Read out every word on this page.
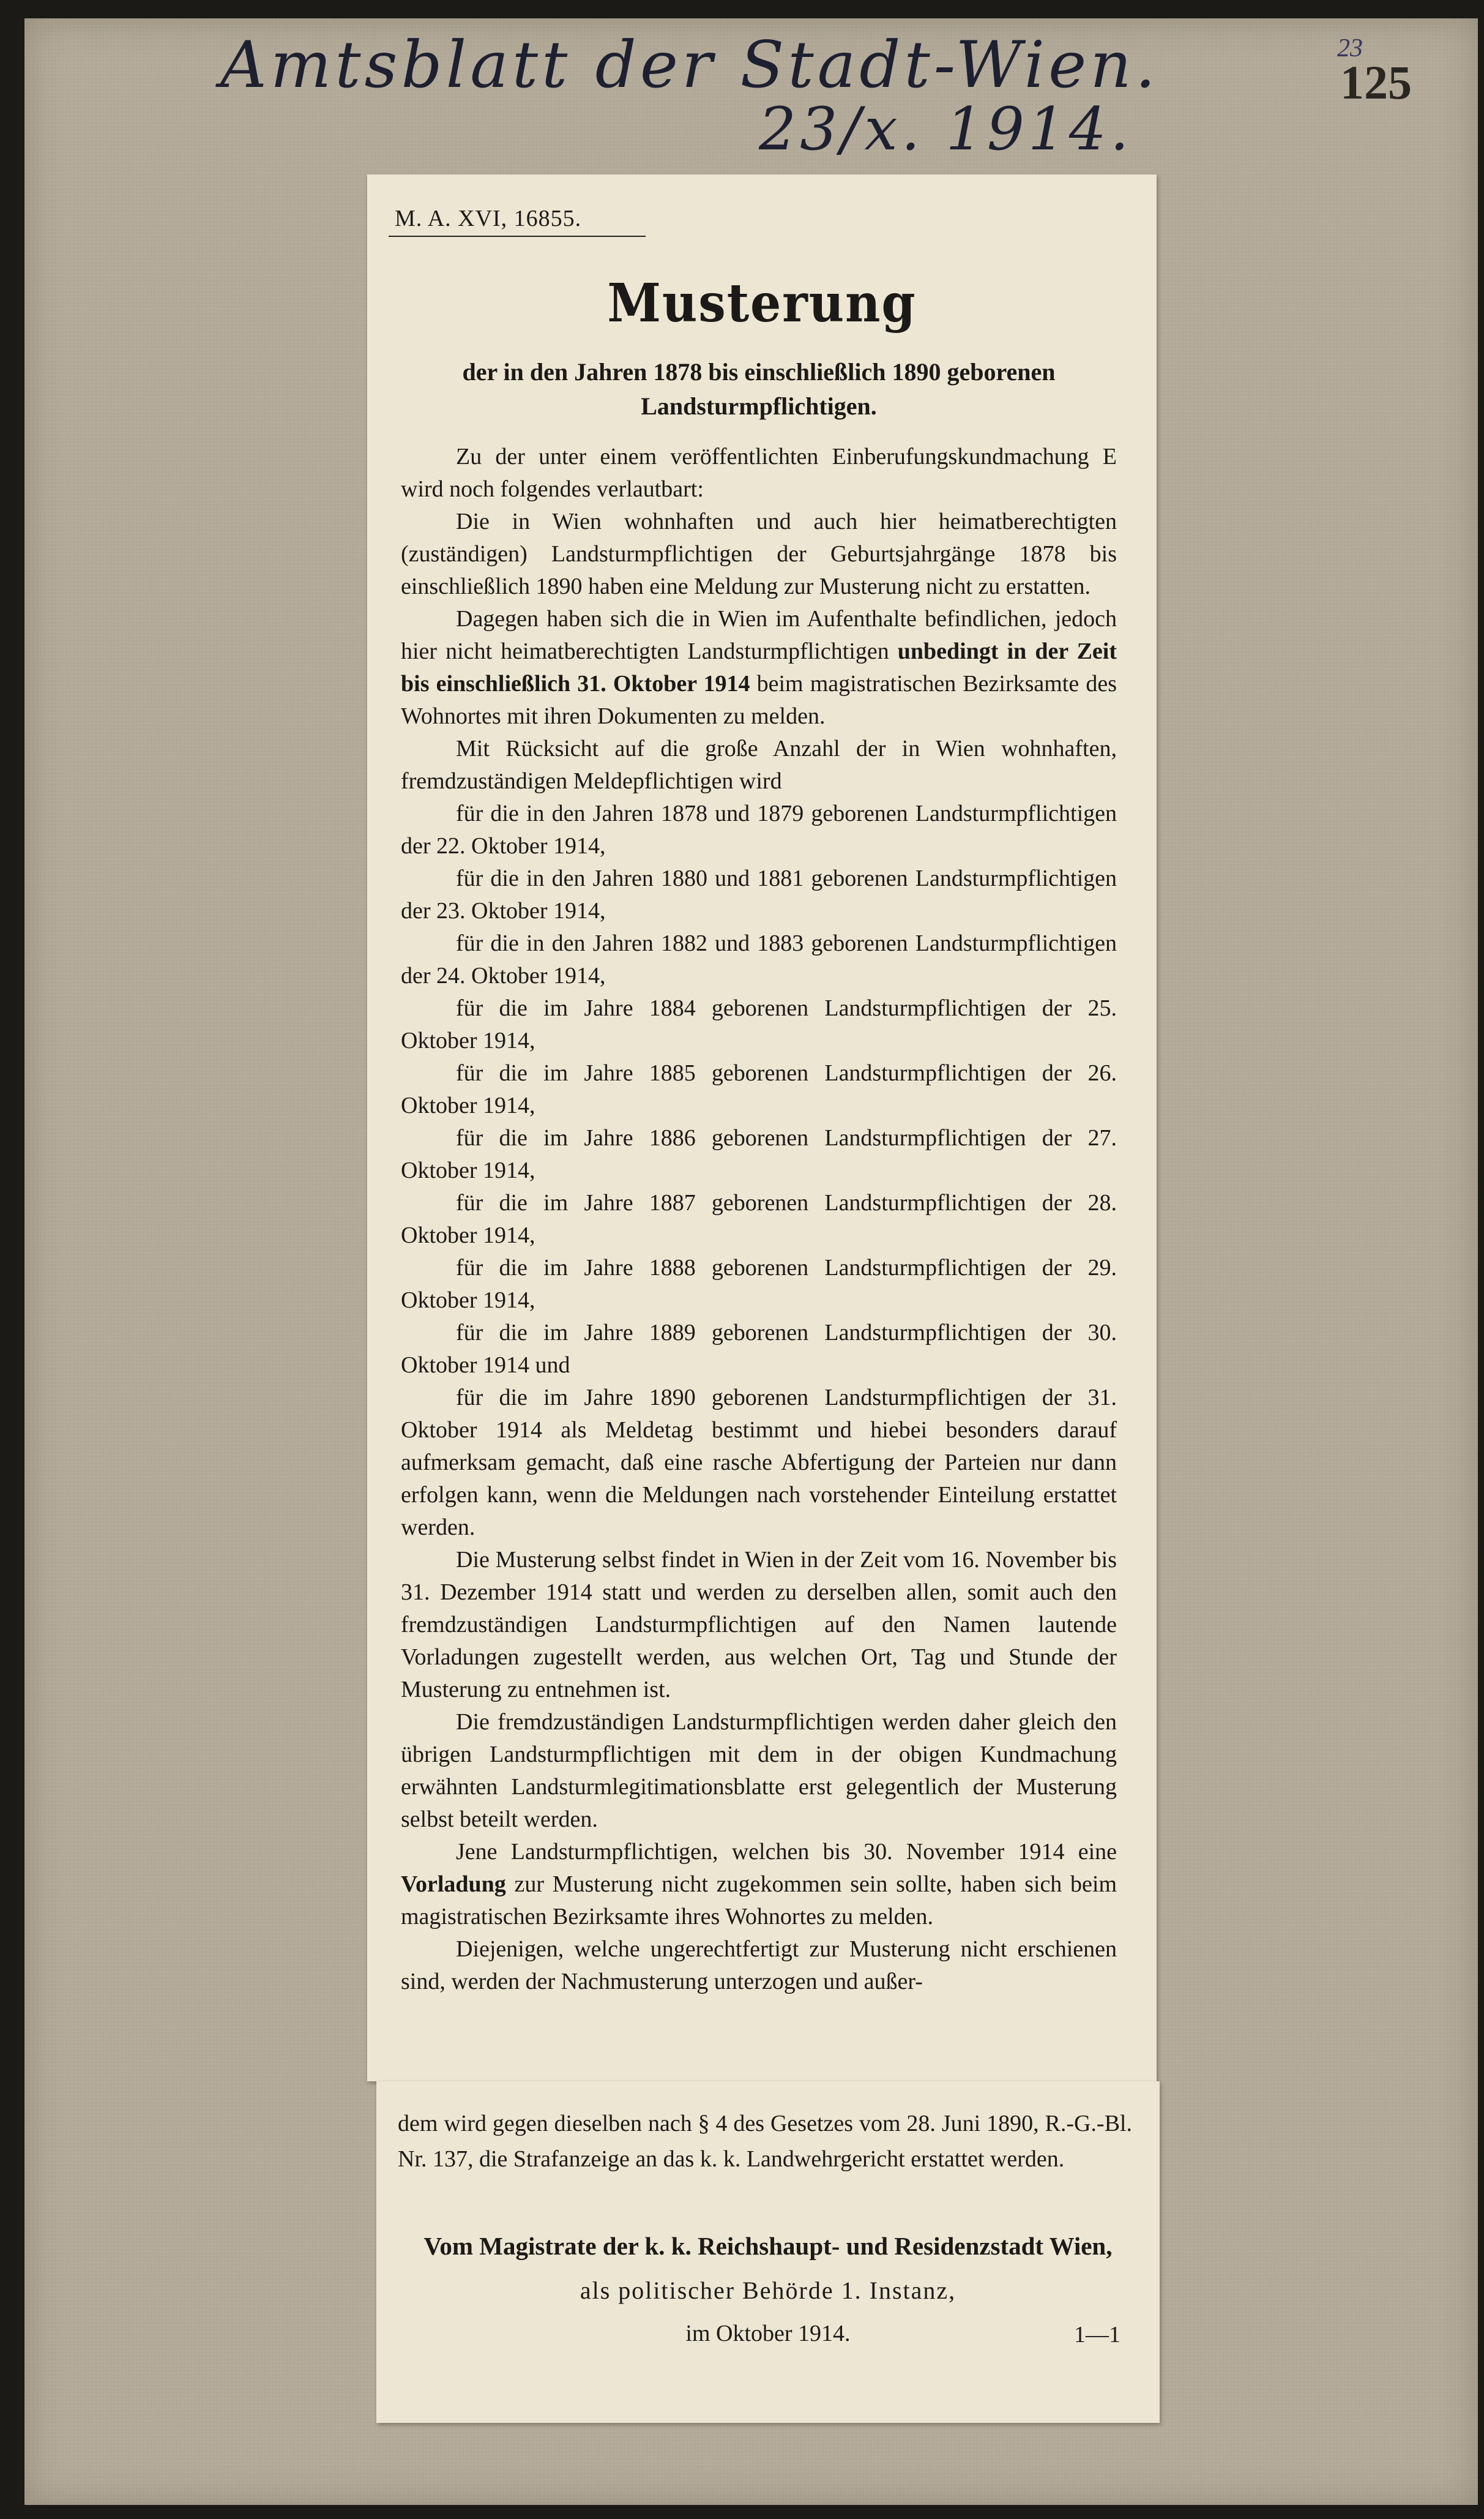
Amtsblatt der Stadt-Wien.
23/x. 1914.
23
125
M. A. XVI, 16855.
Musterung
der in den Jahren 1878 bis einschließlich 1890 geborenen Landsturmpflichtigen.

Zu der unter einem veröffentlichten Einberufungskundmachung E wird noch folgendes verlautbart:

Die in Wien wohnhaften und auch hier heimatberechtigten (zuständigen) Landsturmpflichtigen der Geburtsjahrgänge 1878 bis einschließlich 1890 haben eine Meldung zur Musterung nicht zu erstatten.

Dagegen haben sich die in Wien im Aufenthalte befindlichen, jedoch hier nicht heimatberechtigten Landsturmpflichtigen unbedingt in der Zeit bis einschließlich 31. Oktober 1914 beim magistratischen Bezirksamte des Wohnortes mit ihren Dokumenten zu melden.

Mit Rücksicht auf die große Anzahl der in Wien wohnhaften, fremdzuständigen Meldepflichtigen wird

für die in den Jahren 1878 und 1879 geborenen Landsturmpflichtigen der 22. Oktober 1914,

für die in den Jahren 1880 und 1881 geborenen Landsturmpflichtigen der 23. Oktober 1914,

für die in den Jahren 1882 und 1883 geborenen Landsturmpflichtigen der 24. Oktober 1914,

für die im Jahre 1884 geborenen Landsturmpflichtigen der 25. Oktober 1914,

für die im Jahre 1885 geborenen Landsturmpflichtigen der 26. Oktober 1914,

für die im Jahre 1886 geborenen Landsturmpflichtigen der 27. Oktober 1914,

für die im Jahre 1887 geborenen Landsturmpflichtigen der 28. Oktober 1914,

für die im Jahre 1888 geborenen Landsturmpflichtigen der 29. Oktober 1914,

für die im Jahre 1889 geborenen Landsturmpflichtigen der 30. Oktober 1914 und

für die im Jahre 1890 geborenen Landsturmpflichtigen der 31. Oktober 1914 als Meldetag bestimmt und hiebei besonders darauf aufmerksam gemacht, daß eine rasche Abfertigung der Parteien nur dann erfolgen kann, wenn die Meldungen nach vorstehender Einteilung erstattet werden.

Die Musterung selbst findet in Wien in der Zeit vom 16. November bis 31. Dezember 1914 statt und werden zu derselben allen, somit auch den fremdzuständigen Landsturmpflichtigen auf den Namen lautende Vorladungen zugestellt werden, aus welchen Ort, Tag und Stunde der Musterung zu entnehmen ist.

Die fremdzuständigen Landsturmpflichtigen werden daher gleich den übrigen Landsturmpflichtigen mit dem in der obigen Kundmachung erwähnten Landsturmlegitimationsblatte erst gelegentlich der Musterung selbst beteilt werden.

Jene Landsturmpflichtigen, welchen bis 30. November 1914 eine Vorladung zur Musterung nicht zugekommen sein sollte, haben sich beim magistratischen Bezirksamte ihres Wohnortes zu melden.

Diejenigen, welche ungerechtfertigt zur Musterung nicht erschienen sind, werden der Nachmusterung unterzogen und außer-

dem wird gegen dieselben nach § 4 des Gesetzes vom 28. Juni 1890, R.-G.-Bl. Nr. 137, die Strafanzeige an das k. k. Landwehrgericht erstattet werden.
Vom Magistrate der k. k. Reichshaupt- und Residenzstadt Wien,
als politischer Behörde 1. Instanz,
im Oktober 1914.	1—1
